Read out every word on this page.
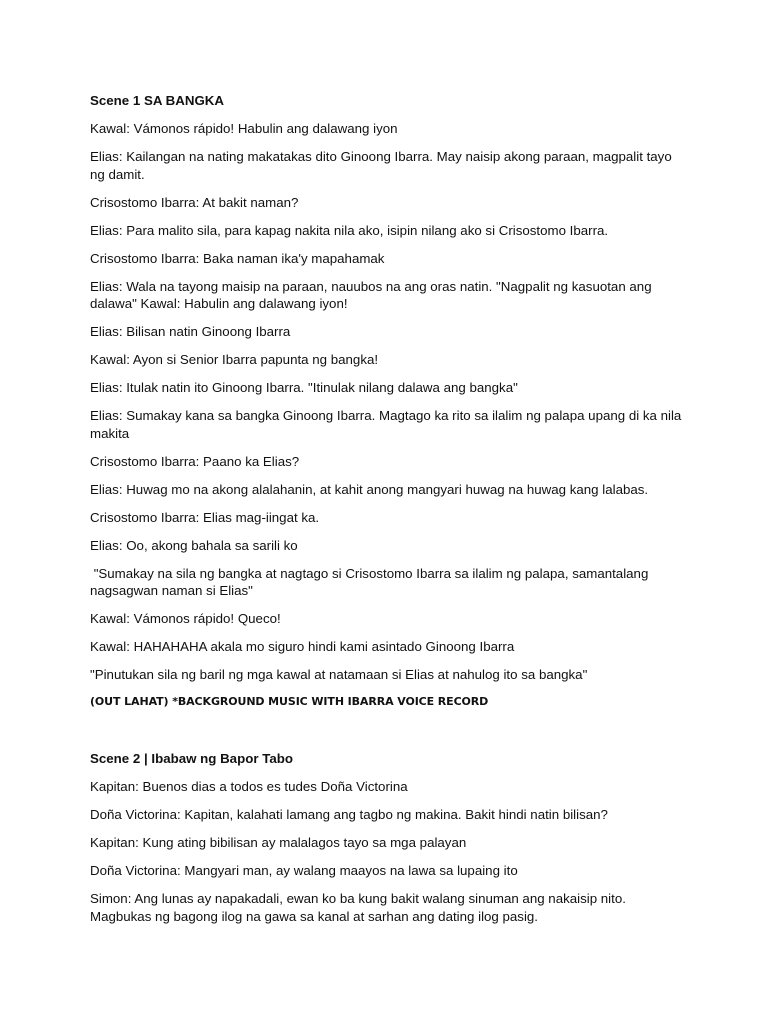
Scene 1 SA BANGKA
Kawal: Vámonos rápido! Habulin ang dalawang iyon
Elias: Kailangan na nating makatakas dito Ginoong Ibarra. May naisip akong paraan, magpalit tayo ng damit.
Crisostomo Ibarra: At bakit naman?
Elias: Para malito sila, para kapag nakita nila ako, isipin nilang ako si Crisostomo Ibarra.
Crisostomo Ibarra: Baka naman ika'y mapahamak
Elias: Wala na tayong maisip na paraan, nauubos na ang oras natin. "Nagpalit ng kasuotan ang dalawa" Kawal: Habulin ang dalawang iyon!
Elias: Bilisan natin Ginoong Ibarra
Kawal: Ayon si Senior Ibarra papunta ng bangka!
Elias: Itulak natin ito Ginoong Ibarra. "Itinulak nilang dalawa ang bangka"
Elias: Sumakay kana sa bangka Ginoong Ibarra. Magtago ka rito sa ilalim ng palapa upang di ka nila makita
Crisostomo Ibarra: Paano ka Elias?
Elias: Huwag mo na akong alalahanin, at kahit anong mangyari huwag na huwag kang lalabas.
Crisostomo Ibarra: Elias mag-iingat ka.
Elias: Oo, akong bahala sa sarili ko
"Sumakay na sila ng bangka at nagtago si Crisostomo Ibarra sa ilalim ng palapa, samantalang nagsagwan naman si Elias"
Kawal: Vámonos rápido! Queco!
Kawal: HAHAHAHA akala mo siguro hindi kami asintado Ginoong Ibarra
"Pinutukan sila ng baril ng mga kawal at natamaan si Elias at nahulog ito sa bangka"
(OUT LAHAT) *BACKGROUND MUSIC WITH IBARRA VOICE RECORD
Scene 2 | Ibabaw ng Bapor Tabo
Kapitan: Buenos dias a todos es tudes Doña Victorina
Doña Victorina: Kapitan, kalahati lamang ang tagbo ng makina. Bakit hindi natin bilisan?
Kapitan: Kung ating bibilisan ay malalagos tayo sa mga palayan
Doña Victorina: Mangyari man, ay walang maayos na lawa sa lupaing ito
Simon: Ang lunas ay napakadali, ewan ko ba kung bakit walang sinuman ang nakaisip nito. Magbukas ng bagong ilog na gawa sa kanal at sarhan ang dating ilog pasig.
